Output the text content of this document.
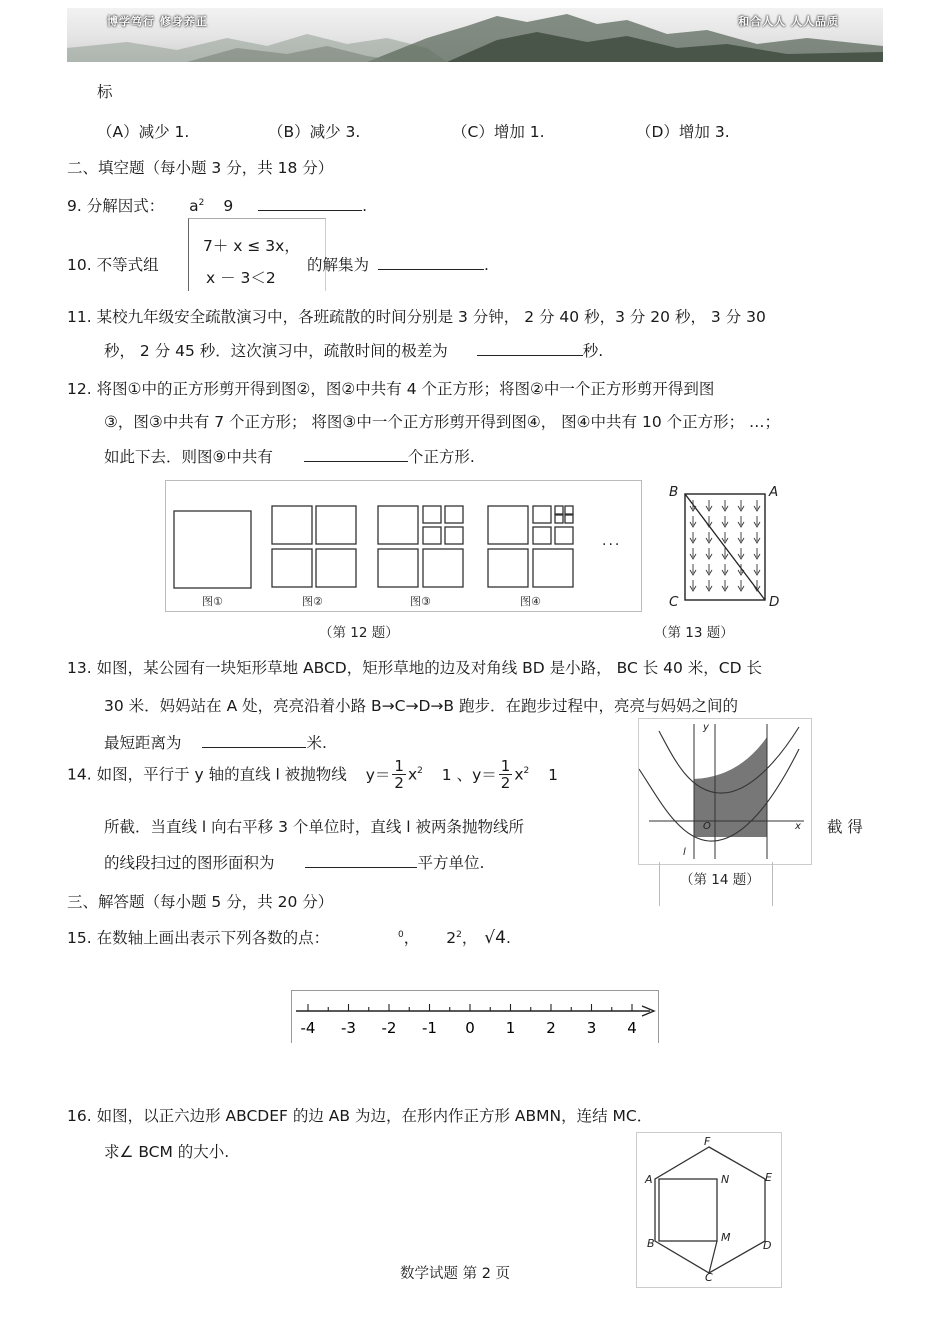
博学笃行 修身养正	和合人人 人人品质
标
（A）减少 1.	（B）减少 3.	（C）增加 1.	（D）增加 3.
二、填空题（每小题 3 分，共 18 分）
9. 分解因式： $a^2$ 9	.
10. 不等式组
7＋ x ≤ 3x，
x － 3＜2
的解集为	.
11. 某校九年级安全疏散演习中，各班疏散的时间分别是 3 分钟， 2 分 40 秒，3 分 20 秒， 3 分 30
秒， 2 分 45 秒．这次演习中，疏散时间的极差为	秒.
12. 将图①中的正方形剪开得到图②，图②中共有 4 个正方形；将图②中一个正方形剪开得到图
③，图③中共有 7 个正方形； 将图③中一个正方形剪开得到图④， 图④中共有 10 个正方形； …；
如此下去．则图⑨中共有	个正方形.
图①	图②	图③	图④
···
（第 12 题）
B	A
C	D
（第 13 题）
13. 如图，某公园有一块矩形草地 ABCD，矩形草地的边及对角线 BD 是小路， BC 长 40 米，CD 长
30 米．妈妈站在 A 处，亮亮沿着小路 B→C→D→B 跑步．在跑步过程中，亮亮与妈妈之间的
最短距离为	米.
14. 如图，平行于 y 轴的直线 l 被抛物线 $y= \frac{1}{2} x^2$ 1 、$y= \frac{1}{2} x^2$ 1
所截．当直线 l 向右平移 3 个单位时，直线 l 被两条抛物线所	截 得
的线段扫过的图形面积为	平方单位.
y
x
O
l
（第 14 题）
三、解答题（每小题 5 分，共 20 分）
15. 在数轴上画出表示下列各数的点：	$^0$， $2^2$， √4.
-4 -3 -2 -1 0 1 2 3 4
16. 如图，以正六边形 ABCDEF 的边 AB 为边，在形内作正方形 ABMN，连结 MC．
求∠ BCM 的大小.
F
A	N	E
B	M
D
C
数学试题 第 2 页
